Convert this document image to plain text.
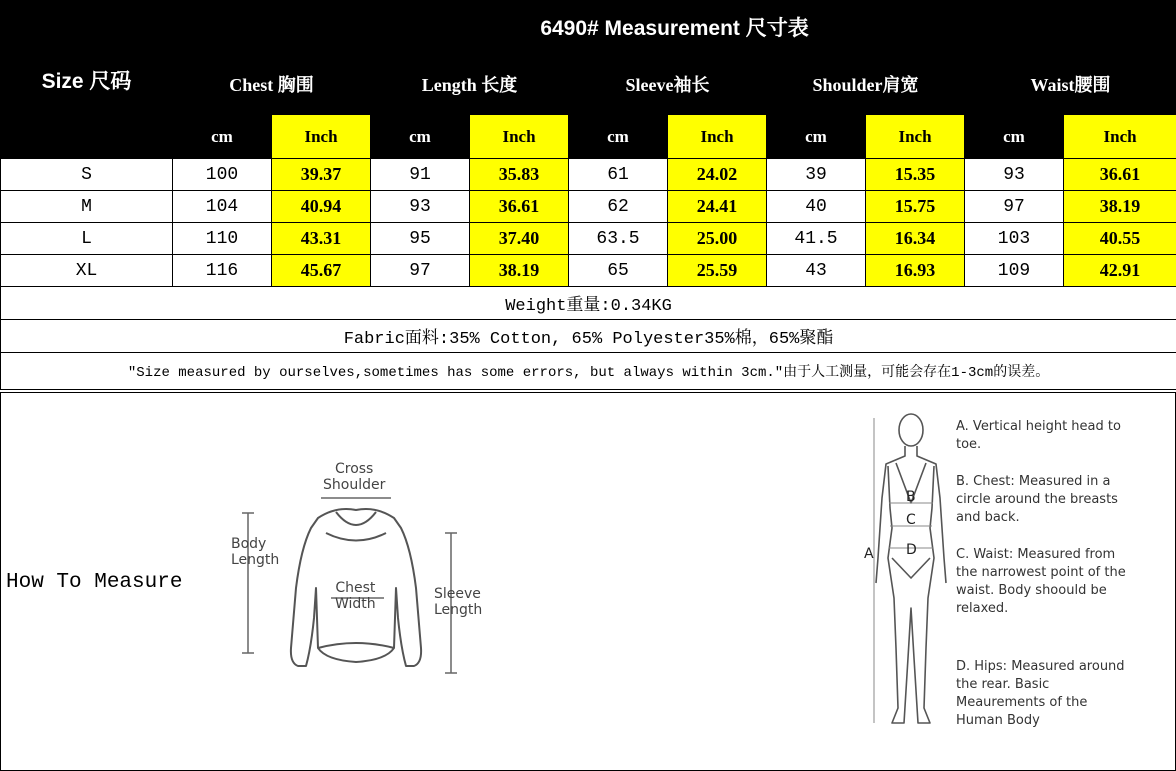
Size 尺码	6490# Measurement 尺寸表									
	Chest 胸围		Length 长度		Sleeve袖长		Shoulder肩宽		Waist腰围	
	cm	Inch	cm	Inch	cm	Inch	cm	Inch	cm	Inch
S	100	39.37	91	35.83	61	24.02	39	15.35	93	36.61
M	104	40.94	93	36.61	62	24.41	40	15.75	97	38.19
L	110	43.31	95	37.40	63.5	25.00	41.5	16.34	103	40.55
XL	116	45.67	97	38.19	65	25.59	43	16.93	109	42.91
Weight重量:0.34KG										
Fabric面料:35% Cotton, 65% Polyester35%棉，65%聚酯										
"Size measured by ourselves,sometimes has some errors, but always within 3cm."由于人工测量，可能会存在1-3cm的误差。										
How To Measure
Cross
Shoulder
Body
Length
Chest
Width
Sleeve
Length
A
B
C
D
A. Vertical height head to toe.
B. Chest: Measured in a circle around the breasts and back.
C. Waist: Measured from the narrowest point of the waist. Body shoould be relaxed.
D. Hips: Measured around the rear. Basic Meaurements of the Human Body
